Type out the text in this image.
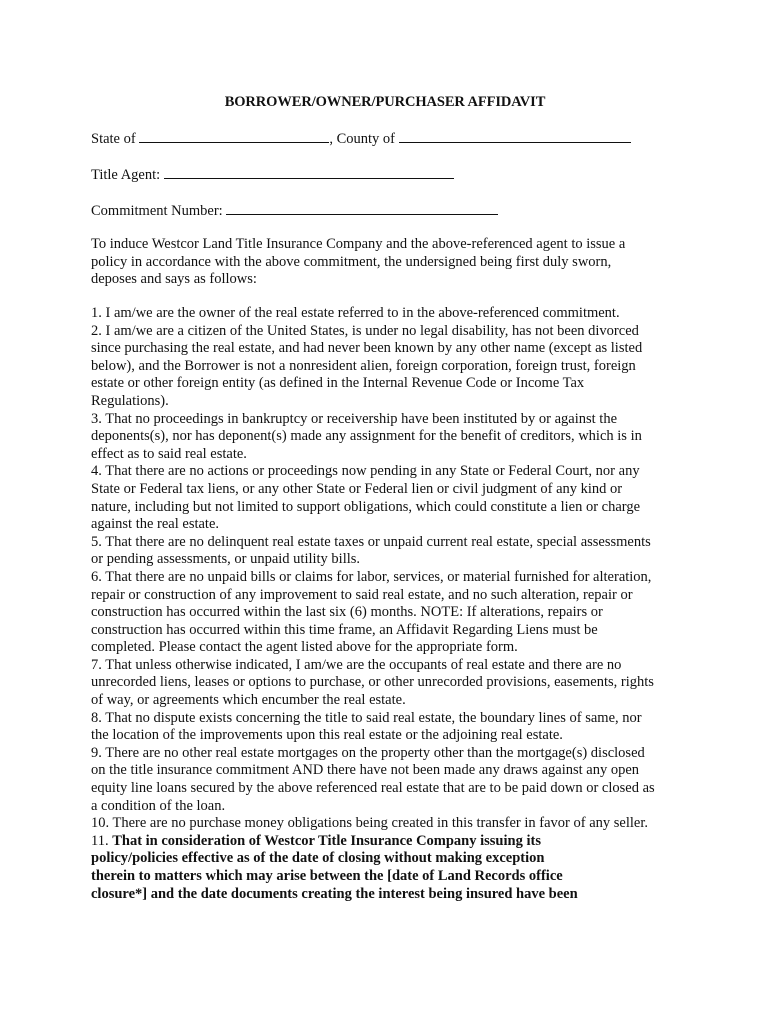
BORROWER/OWNER/PURCHASER AFFIDAVIT
State of	, County of
Title Agent:
Commitment Number:
To induce Westcor Land Title Insurance Company and the above-referenced agent to issue a
policy in accordance with the above commitment, the undersigned being first duly sworn,
deposes and says as follows:

1. I am/we are the owner of the real estate referred to in the above-referenced commitment.

2. I am/we are a citizen of the United States, is under no legal disability, has not been divorced
since purchasing the real estate, and had never been known by any other name (except as listed
below), and the Borrower is not a nonresident alien, foreign corporation, foreign trust, foreign
estate or other foreign entity (as defined in the Internal Revenue Code or Income Tax
Regulations).

3. That no proceedings in bankruptcy or receivership have been instituted by or against the
deponents(s), nor has deponent(s) made any assignment for the benefit of creditors, which is in
effect as to said real estate.

4. That there are no actions or proceedings now pending in any State or Federal Court, nor any
State or Federal tax liens, or any other State or Federal lien or civil judgment of any kind or
nature, including but not limited to support obligations, which could constitute a lien or charge
against the real estate.

5. That there are no delinquent real estate taxes or unpaid current real estate, special assessments
or pending assessments, or unpaid utility bills.

6. That there are no unpaid bills or claims for labor, services, or material furnished for alteration,
repair or construction of any improvement to said real estate, and no such alteration, repair or
construction has occurred within the last six (6) months. NOTE: If alterations, repairs or
construction has occurred within this time frame, an Affidavit Regarding Liens must be
completed. Please contact the agent listed above for the appropriate form.

7. That unless otherwise indicated, I am/we are the occupants of real estate and there are no
unrecorded liens, leases or options to purchase, or other unrecorded provisions, easements, rights
of way, or agreements which encumber the real estate.

8. That no dispute exists concerning the title to said real estate, the boundary lines of same, nor
the location of the improvements upon this real estate or the adjoining real estate.

9. There are no other real estate mortgages on the property other than the mortgage(s) disclosed
on the title insurance commitment AND there have not been made any draws against any open
equity line loans secured by the above referenced real estate that are to be paid down or closed as
a condition of the loan.

10. There are no purchase money obligations being created in this transfer in favor of any seller.

11. That in consideration of Westcor Title Insurance Company issuing its
policy/policies effective as of the date of closing without making exception
therein to matters which may arise between the [date of Land Records office
closure*] and the date documents creating the interest being insured have been
